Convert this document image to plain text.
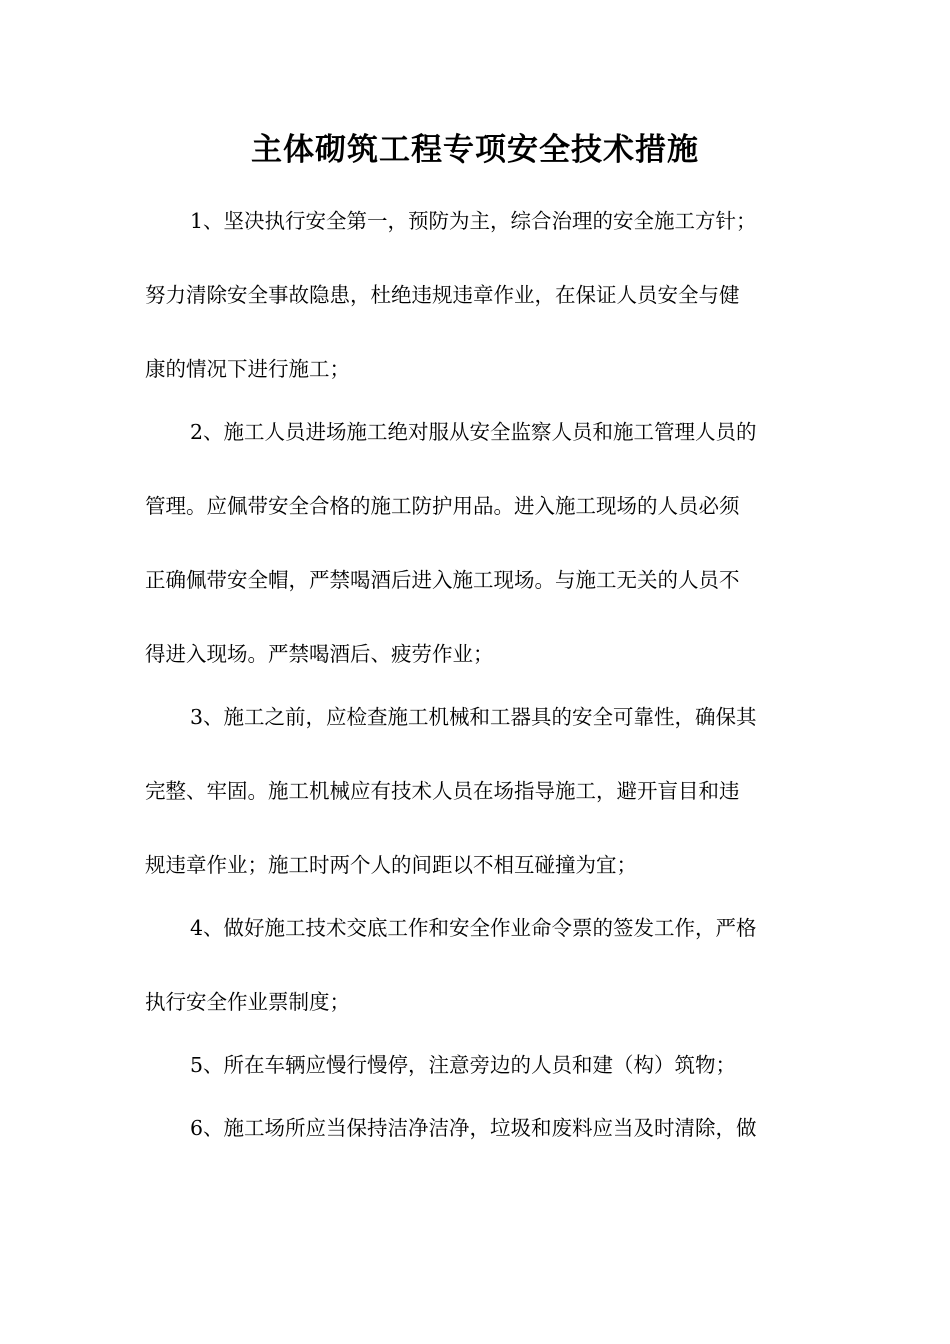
主体砌筑工程专项安全技术措施
1、坚决执行安全第一，预防为主，综合治理的安全施工方针；
努力清除安全事故隐患，杜绝违规违章作业，在保证人员安全与健
康的情况下进行施工；
2、施工人员进场施工绝对服从安全监察人员和施工管理人员的
管理。应佩带安全合格的施工防护用品。进入施工现场的人员必须
正确佩带安全帽，严禁喝酒后进入施工现场。与施工无关的人员不
得进入现场。严禁喝酒后、疲劳作业；
3、施工之前，应检查施工机械和工器具的安全可靠性，确保其
完整、牢固。施工机械应有技术人员在场指导施工，避开盲目和违
规违章作业；施工时两个人的间距以不相互碰撞为宜；
4、做好施工技术交底工作和安全作业命令票的签发工作，严格
执行安全作业票制度；
5、所在车辆应慢行慢停，注意旁边的人员和建（构）筑物；
6、施工场所应当保持洁净洁净，垃圾和废料应当及时清除，做
